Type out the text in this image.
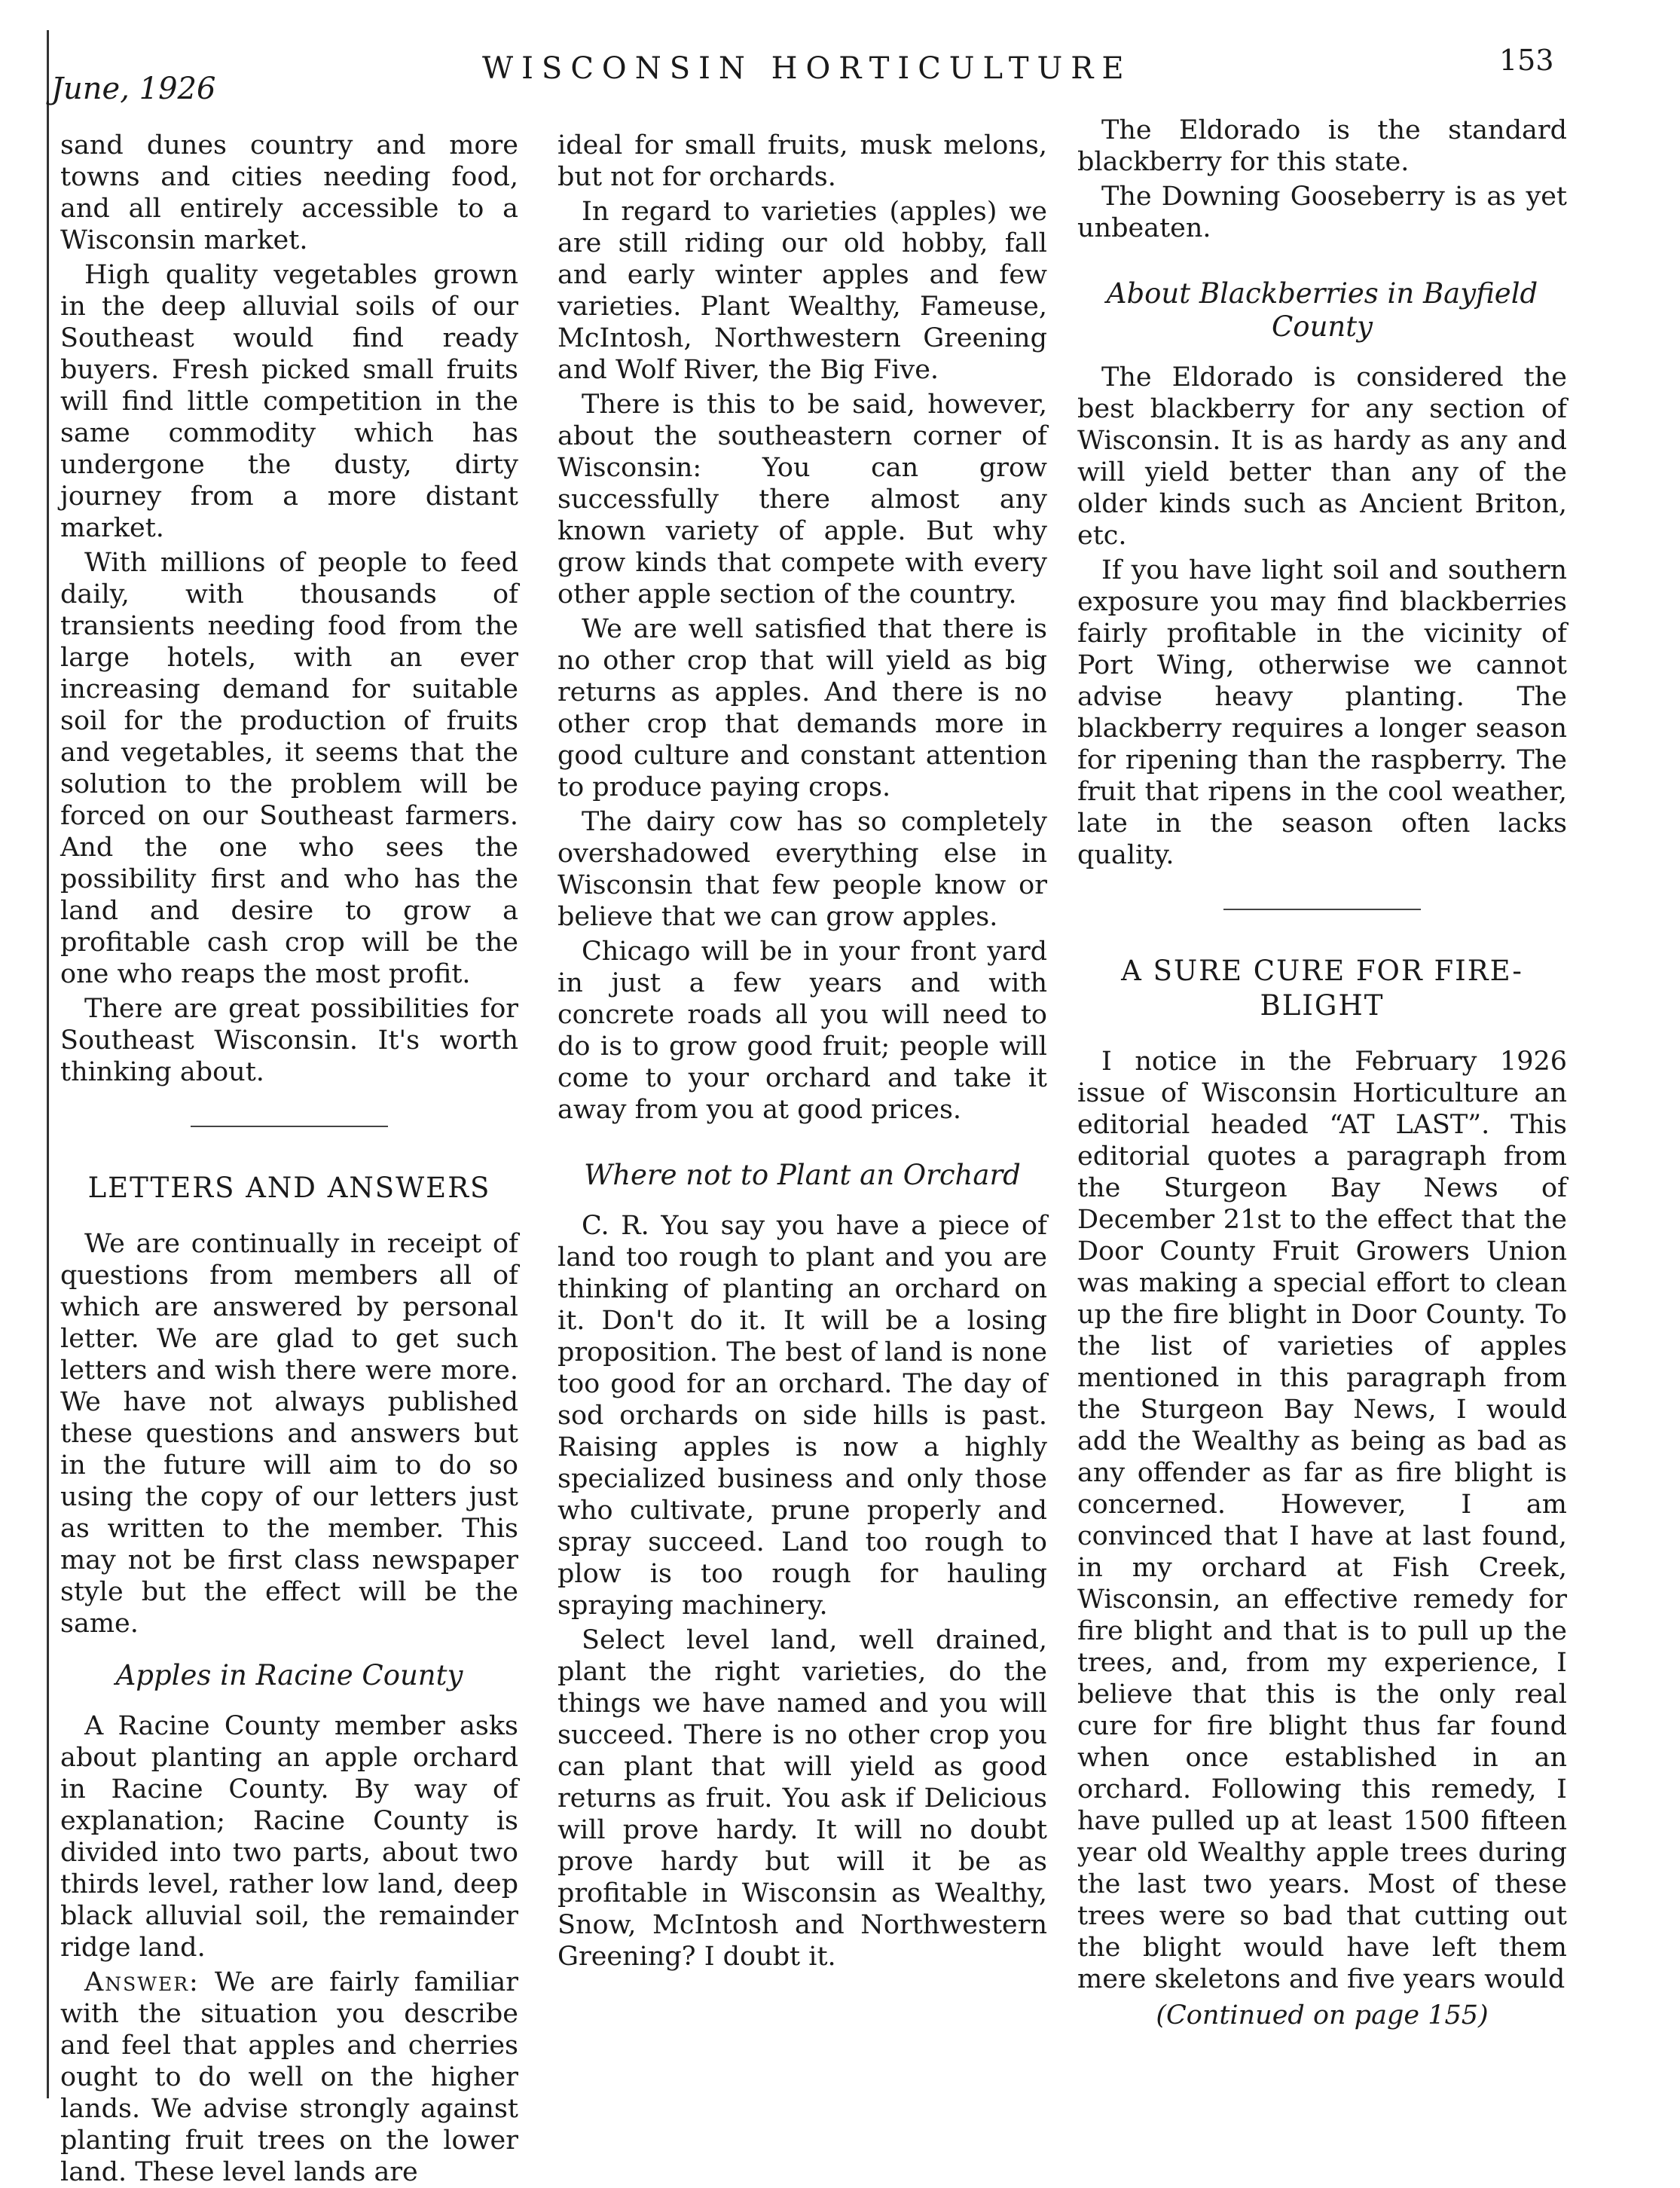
June, 1926
WISCONSIN HORTICULTURE	153

sand dunes country and more towns and cities needing food, and all entirely accessible to a Wisconsin market.

High quality vegetables grown in the deep alluvial soils of our Southeast would find ready buyers. Fresh picked small fruits will find little competition in the same commodity which has undergone the dusty, dirty journey from a more distant market.

With millions of people to feed daily, with thousands of transients needing food from the large hotels, with an ever increasing demand for suitable soil for the production of fruits and vegetables, it seems that the solution to the problem will be forced on our Southeast farmers. And the one who sees the possibility first and who has the land and desire to grow a profitable cash crop will be the one who reaps the most profit.

There are great possibilities for Southeast Wisconsin. It's worth thinking about.

LETTERS AND ANSWERS

We are continually in receipt of questions from members all of which are answered by personal letter. We are glad to get such letters and wish there were more. We have not always published these questions and answers but in the future will aim to do so using the copy of our letters just as written to the member. This may not be first class newspaper style but the effect will be the same.

Apples in Racine County

A Racine County member asks about planting an apple orchard in Racine County. By way of explanation; Racine County is divided into two parts, about two thirds level, rather low land, deep black alluvial soil, the remainder ridge land.

Answer: We are fairly familiar with the situation you describe and feel that apples and cherries ought to do well on the higher lands. We advise strongly against planting fruit trees on the lower land. These level lands are

ideal for small fruits, musk melons, but not for orchards.

In regard to varieties (apples) we are still riding our old hobby, fall and early winter apples and few varieties. Plant Wealthy, Fameuse, McIntosh, Northwestern Greening and Wolf River, the Big Five.

There is this to be said, however, about the southeastern corner of Wisconsin: You can grow successfully there almost any known variety of apple. But why grow kinds that compete with every other apple section of the country.

We are well satisfied that there is no other crop that will yield as big returns as apples. And there is no other crop that demands more in good culture and constant attention to produce paying crops.

The dairy cow has so completely overshadowed everything else in Wisconsin that few people know or believe that we can grow apples.

Chicago will be in your front yard in just a few years and with concrete roads all you will need to do is to grow good fruit; people will come to your orchard and take it away from you at good prices.

Where not to Plant an Orchard

C. R. You say you have a piece of land too rough to plant and you are thinking of planting an orchard on it. Don't do it. It will be a losing proposition. The best of land is none too good for an orchard. The day of sod orchards on side hills is past. Raising apples is now a highly specialized business and only those who cultivate, prune properly and spray succeed. Land too rough to plow is too rough for hauling spraying machinery.

Select level land, well drained, plant the right varieties, do the things we have named and you will succeed. There is no other crop you can plant that will yield as good returns as fruit. You ask if Delicious will prove hardy. It will no doubt prove hardy but will it be as profitable in Wisconsin as Wealthy, Snow, McIntosh and Northwestern Greening? I doubt it.

The Eldorado is the standard blackberry for this state.

The Downing Gooseberry is as yet unbeaten.

About Blackberries in Bayfield County

The Eldorado is considered the best blackberry for any section of Wisconsin. It is as hardy as any and will yield better than any of the older kinds such as Ancient Briton, etc.

If you have light soil and southern exposure you may find blackberries fairly profitable in the vicinity of Port Wing, otherwise we cannot advise heavy planting. The blackberry requires a longer season for ripening than the raspberry. The fruit that ripens in the cool weather, late in the season often lacks quality.

A SURE CURE FOR FIRE-BLIGHT

I notice in the February 1926 issue of Wisconsin Horticulture an editorial headed “AT LAST”. This editorial quotes a paragraph from the Sturgeon Bay News of December 21st to the effect that the Door County Fruit Growers Union was making a special effort to clean up the fire blight in Door County. To the list of varieties of apples mentioned in this paragraph from the Sturgeon Bay News, I would add the Wealthy as being as bad as any offender as far as fire blight is concerned. However, I am convinced that I have at last found, in my orchard at Fish Creek, Wisconsin, an effective remedy for fire blight and that is to pull up the trees, and, from my experience, I believe that this is the only real cure for fire blight thus far found when once established in an orchard. Following this remedy, I have pulled up at least 1500 fifteen year old Wealthy apple trees during the last two years. Most of these trees were so bad that cutting out the blight would have left them mere skeletons and five years would

(Continued on page 155)
